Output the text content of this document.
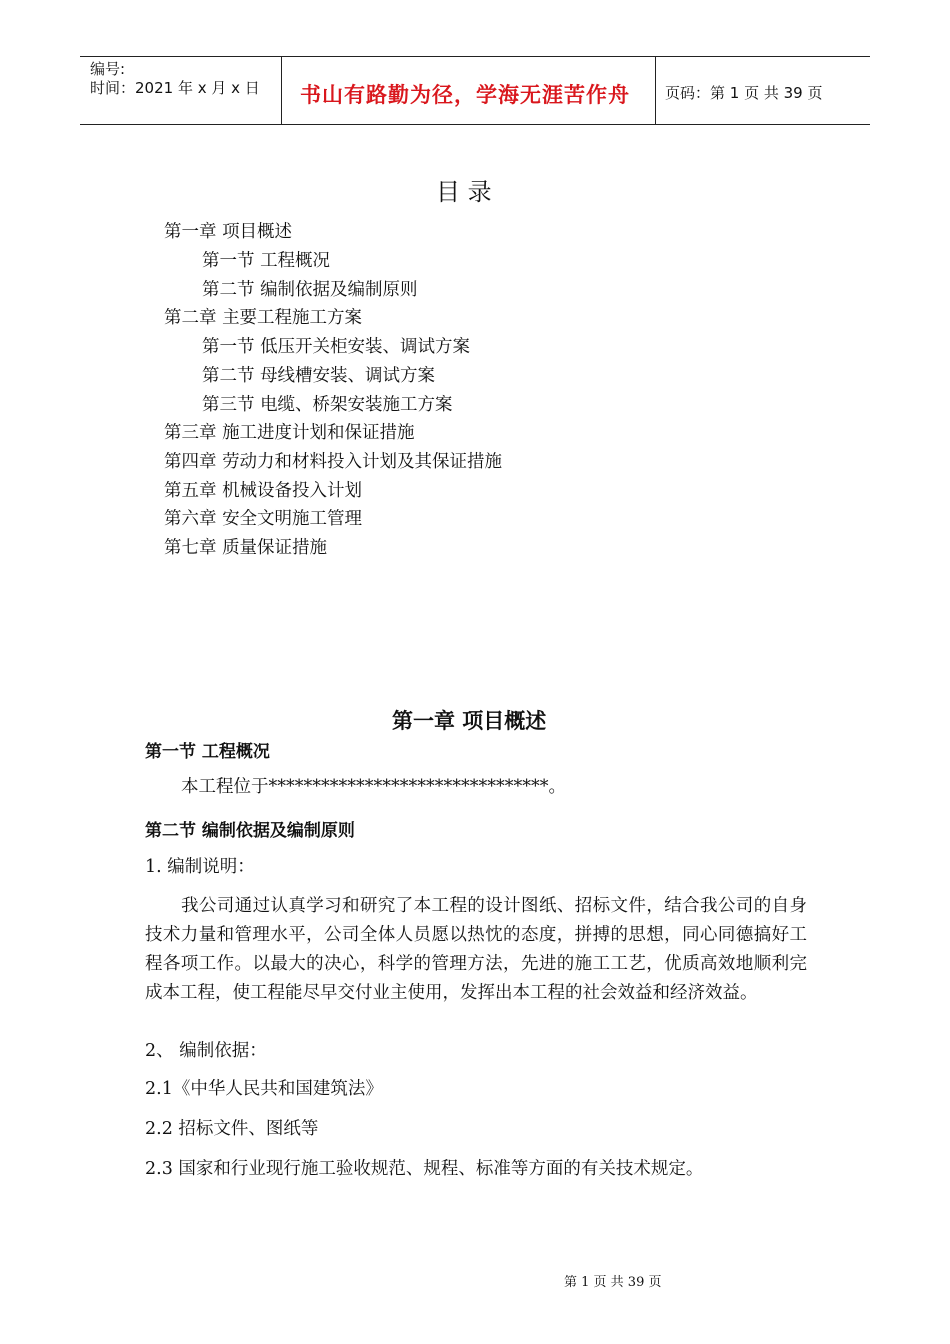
编号:
时间：2021 年 x 月 x 日 书山有路勤为径，学海无涯苦作舟 页码：第 1 页 共 39 页
目 录
第一章 项目概述
第一节 工程概况
第二节 编制依据及编制原则
第二章 主要工程施工方案
第一节 低压开关柜安装、调试方案
第二节 母线槽安装、调试方案
第三节 电缆、桥架安装施工方案
第三章 施工进度计划和保证措施
第四章 劳动力和材料投入计划及其保证措施
第五章 机械设备投入计划
第六章 安全文明施工管理
第七章 质量保证措施
第一章 项目概述
第一节 工程概况
本工程位于********************************。
第二节 编制依据及编制原则
1. 编制说明：
我公司通过认真学习和研究了本工程的设计图纸、招标文件，结合我公司的自身技术力量和管理水平，公司全体人员愿以热忱的态度，拼搏的思想，同心同德搞好工程各项工作。以最大的决心，科学的管理方法，先进的施工工艺，优质高效地顺利完成本工程，使工程能尽早交付业主使用，发挥出本工程的社会效益和经济效益。
2、 编制依据：
2.1《中华人民共和国建筑法》
2.2 招标文件、图纸等
2.3 国家和行业现行施工验收规范、规程、标准等方面的有关技术规定。
第 1 页 共 39 页
